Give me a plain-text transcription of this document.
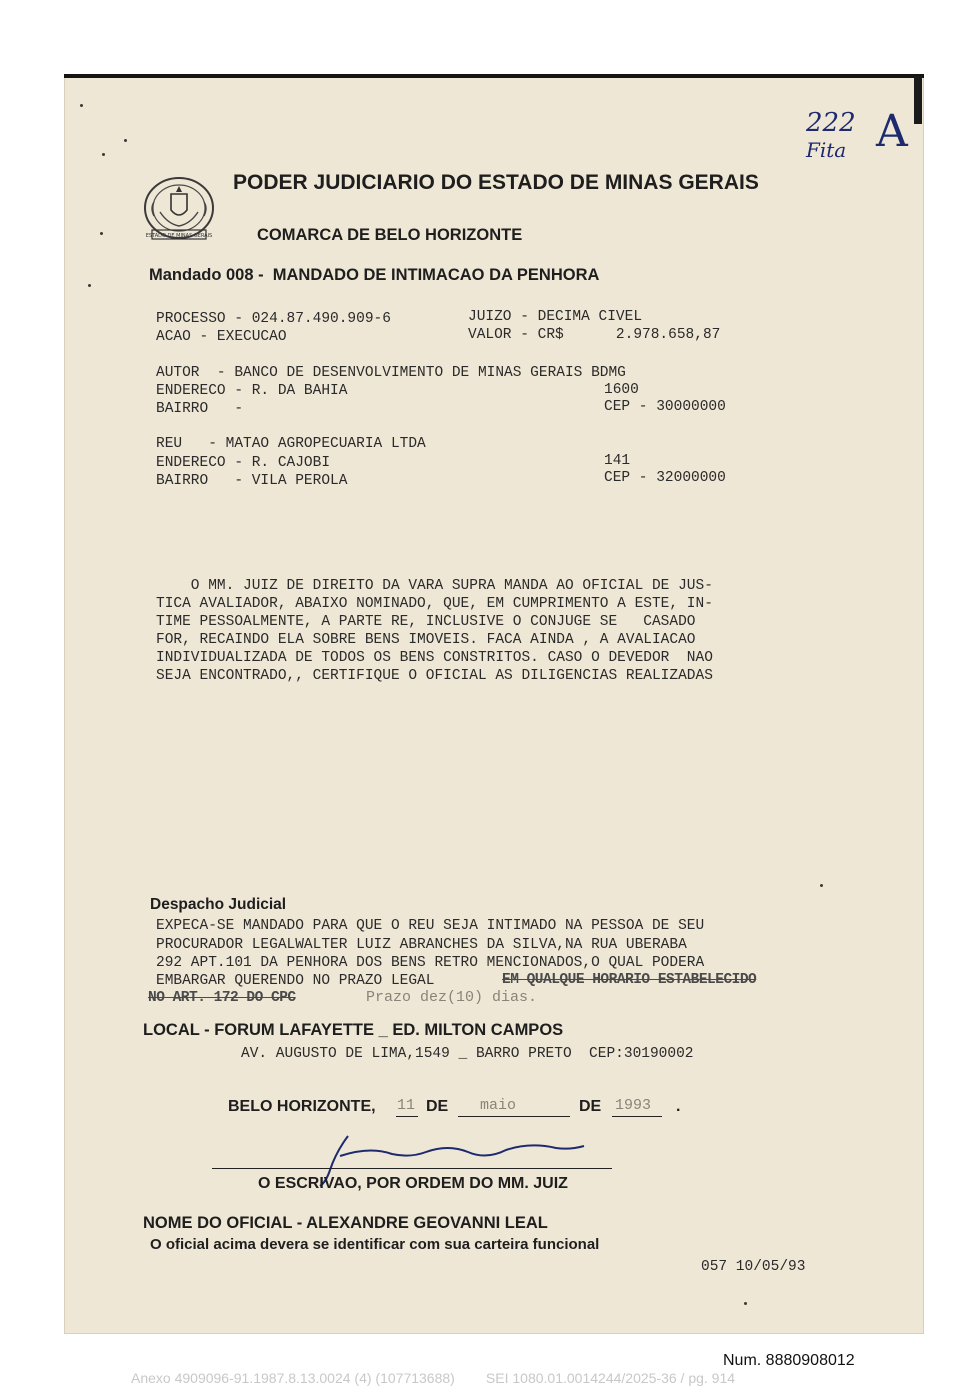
222
Fita A
ESTADO DE MINAS GERAIS
PODER JUDICIARIO DO ESTADO DE MINAS GERAIS
COMARCA DE BELO HORIZONTE
Mandado 008 -  MANDADO DE INTIMACAO DA PENHORA
PROCESSO - 024.87.490.909-6	JUIZO - DECIMA CIVEL
ACAO - EXECUCAO	VALOR - CR$      2.978.658,87
AUTOR  - BANCO DE DESENVOLVIMENTO DE MINAS GERAIS BDMG
ENDERECO - R. DA BAHIA	1600
BAIRRO   -	CEP - 30000000
REU   - MATAO AGROPECUARIA LTDA
ENDERECO - R. CAJOBI	141
BAIRRO   - VILA PEROLA	CEP - 32000000
O MM. JUIZ DE DIREITO DA VARA SUPRA MANDA AO OFICIAL DE JUS-
TICA AVALIADOR, ABAIXO NOMINADO, QUE, EM CUMPRIMENTO A ESTE, IN-
TIME PESSOALMENTE, A PARTE RE, INCLUSIVE O CONJUGE SE   CASADO
FOR, RECAINDO ELA SOBRE BENS IMOVEIS. FACA AINDA , A AVALIACAO
INDIVIDUALIZADA DE TODOS OS BENS CONSTRITOS. CASO O DEVEDOR  NAO
SEJA ENCONTRADO,, CERTIFIQUE O OFICIAL AS DILIGENCIAS REALIZADAS
Despacho Judicial
EXPECA-SE MANDADO PARA QUE O REU SEJA INTIMADO NA PESSOA DE SEU
PROCURADOR LEGALWALTER LUIZ ABRANCHES DA SILVA,NA RUA UBERABA
292 APT.101 DA PENHORA DOS BENS RETRO MENCIONADOS,O QUAL PODERA
EMBARGAR QUERENDO NO PRAZO LEGAL	EM QUALQUE HORARIO ESTABELECIDO
NO ART. 172 DO CPC	Prazo dez(10) dias.
LOCAL - FORUM LAFAYETTE _ ED. MILTON CAMPOS
AV. AUGUSTO DE LIMA,1549 _ BARRO PRETO  CEP:30190002
BELO HORIZONTE, 11 DE maio	DE 1993 .
O ESCRIVAO, POR ORDEM DO MM. JUIZ
NOME DO OFICIAL - ALEXANDRE GEOVANNI LEAL
O oficial acima devera se identificar com sua carteira funcional
057 10/05/93
Num. 8880908012
Anexo 4909096-91.1987.8.13.0024 (4) (107713688)        SEI 1080.01.0014244/2025-36 / pg. 914
